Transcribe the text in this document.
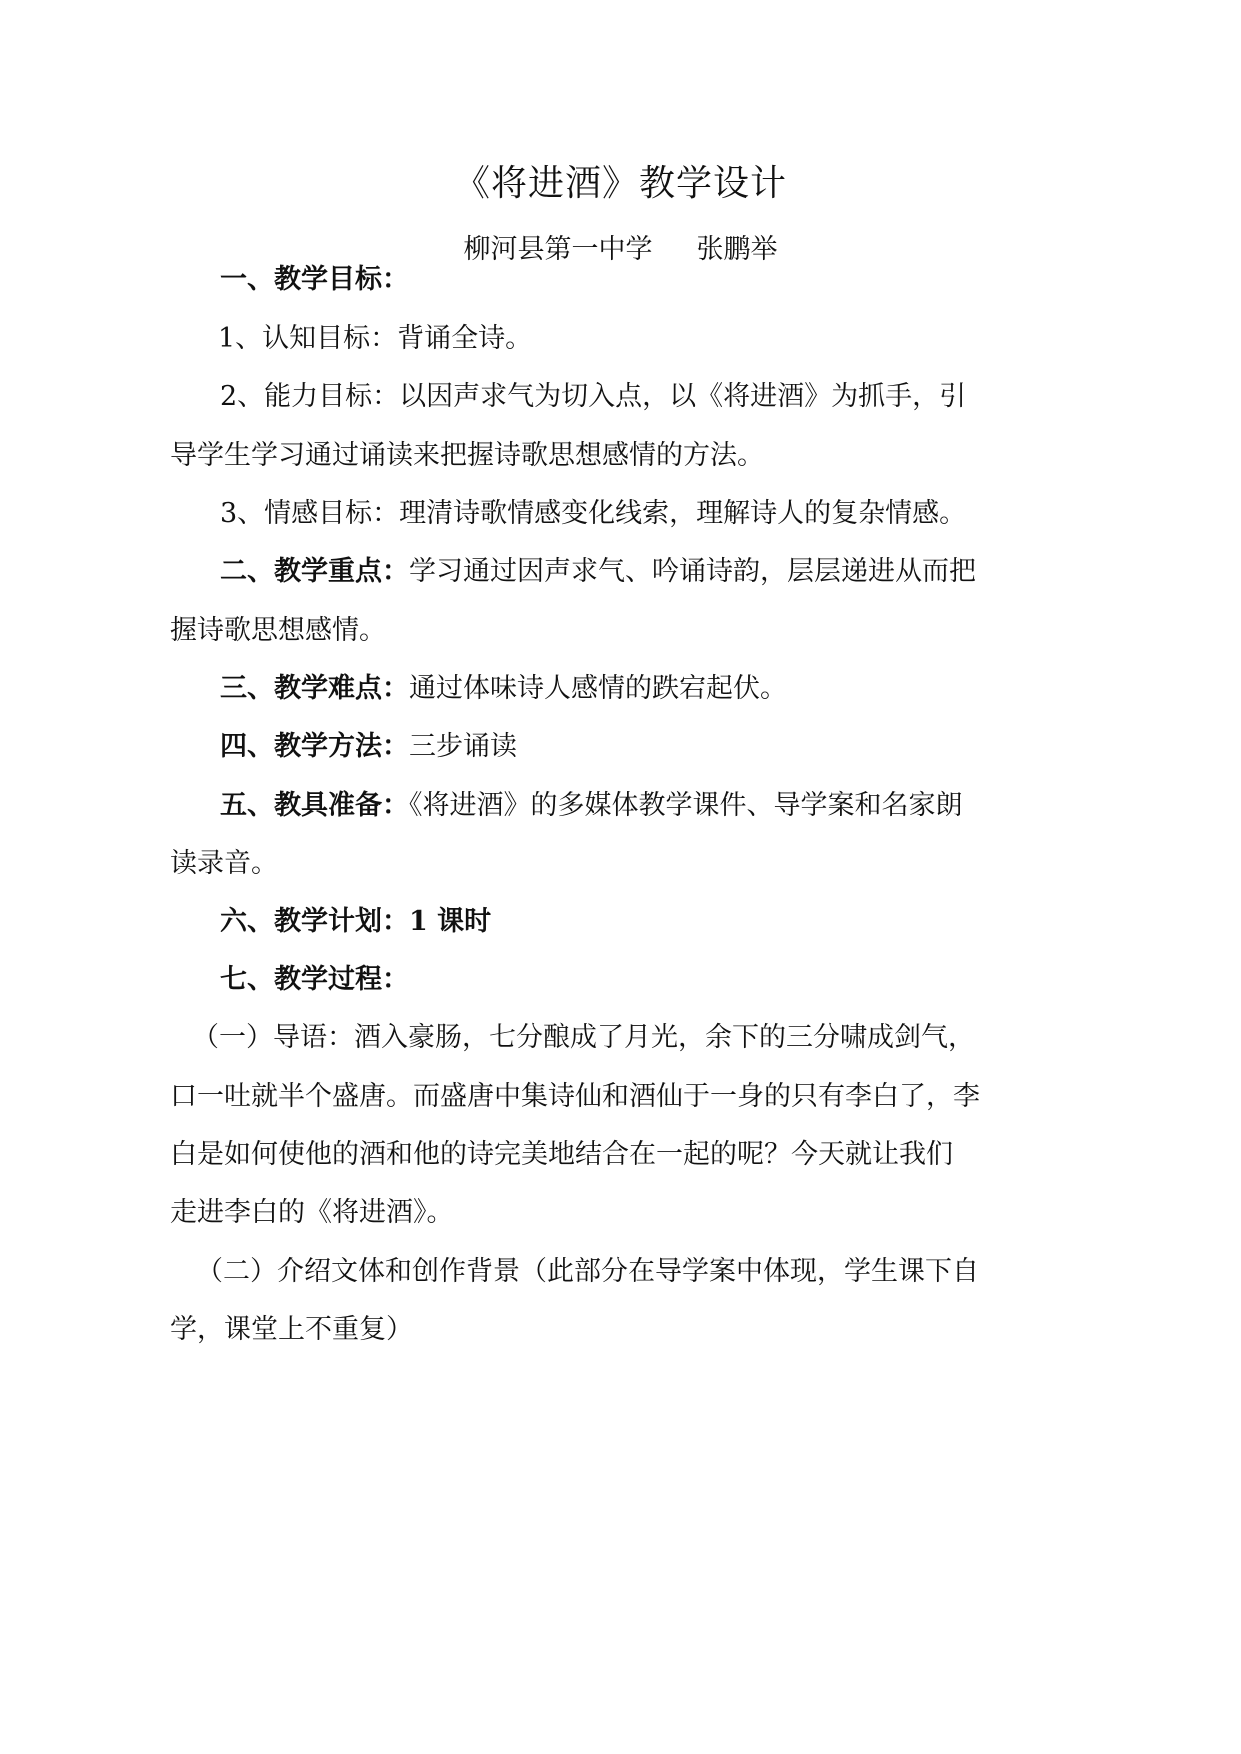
《将进酒》教学设计
柳河县第一中学 张鹏举
一、教学目标：
1、认知目标：背诵全诗。
2、能力目标：以因声求气为切入点，以《将进酒》为抓手，引
导学生学习通过诵读来把握诗歌思想感情的方法。
3、情感目标：理清诗歌情感变化线索，理解诗人的复杂情感。
二、教学重点：学习通过因声求气、吟诵诗韵，层层递进从而把
握诗歌思想感情。
三、教学难点：通过体味诗人感情的跌宕起伏。
四、教学方法：三步诵读
五、教具准备：《将进酒》的多媒体教学课件、导学案和名家朗
读录音。
六、教学计划：1 课时
七、教学过程：
（一）导语：酒入豪肠，七分酿成了月光，余下的三分啸成剑气，
口一吐就半个盛唐。而盛唐中集诗仙和酒仙于一身的只有李白了，李
白是如何使他的酒和他的诗完美地结合在一起的呢？今天就让我们
走进李白的《将进酒》。
（二）介绍文体和创作背景（此部分在导学案中体现，学生课下自
学，课堂上不重复）
